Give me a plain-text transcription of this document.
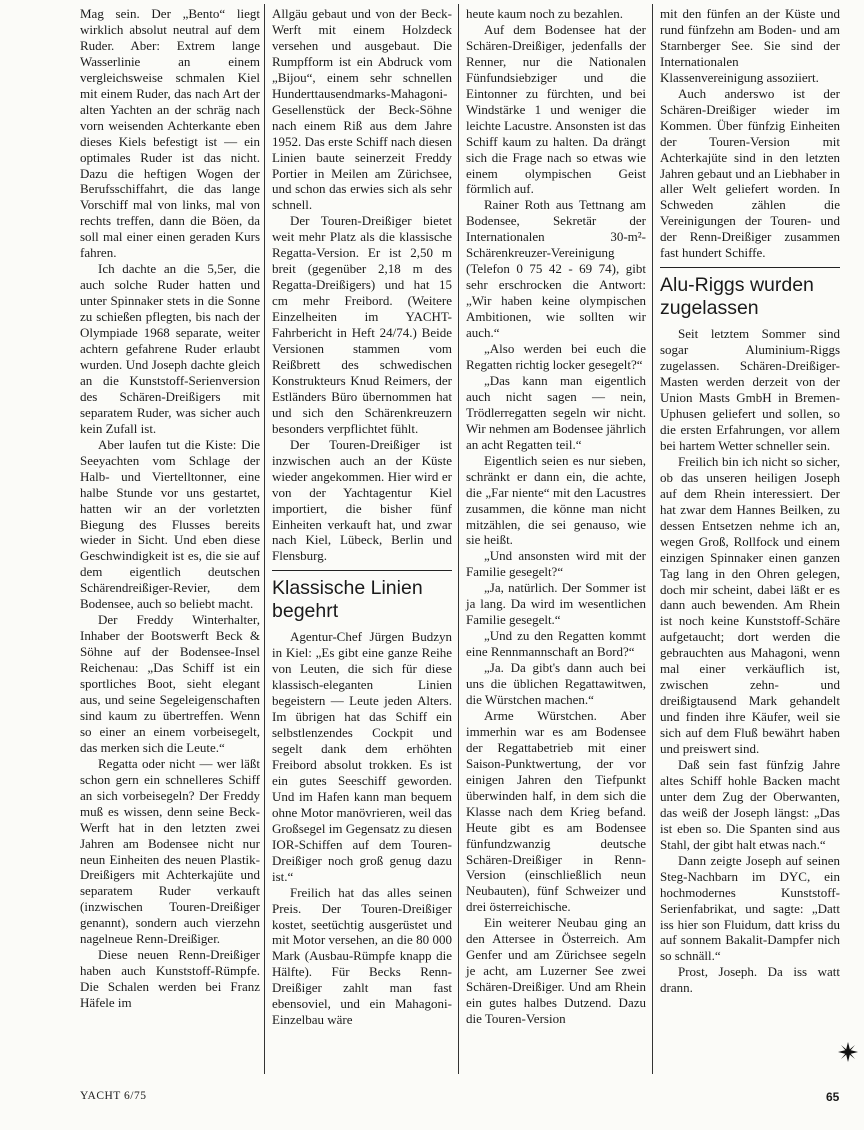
Mag sein. Der „Bento“ liegt wirklich absolut neutral auf dem Ruder. Aber: Extrem lange Wasserlinie an einem vergleichsweise schmalen Kiel mit einem Ruder, das nach Art der alten Yachten an der schräg nach vorn weisenden Achterkante eben dieses Kiels befestigt ist — ein optimales Ruder ist das nicht. Dazu die heftigen Wogen der Berufsschiffahrt, die das lange Vorschiff mal von links, mal von rechts treffen, dann die Böen, da soll mal einer einen geraden Kurs fahren.

Ich dachte an die 5,5er, die auch solche Ruder hatten und unter Spinnaker stets in die Sonne zu schießen pflegten, bis nach der Olympiade 1968 separate, weiter achtern gefahrene Ruder erlaubt wurden. Und Joseph dachte gleich an die Kunststoff-Serienversion des Schären-Dreißigers mit separatem Ruder, was sicher auch kein Zufall ist.

Aber laufen tut die Kiste: Die Seeyachten vom Schlage der Halb- und Viertelltonner, eine halbe Stunde vor uns gestartet, hatten wir an der vorletzten Biegung des Flusses bereits wieder in Sicht. Und eben diese Geschwindigkeit ist es, die sie auf dem eigentlich deutschen Schärendreißiger-Revier, dem Bodensee, auch so beliebt macht.

Der Freddy Winterhalter, Inhaber der Bootswerft Beck & Söhne auf der Bodensee-Insel Reichenau: „Das Schiff ist ein sportliches Boot, sieht elegant aus, und seine Segeleigenschaften sind kaum zu übertreffen. Wenn so einer an einem vorbeisegelt, das merken sich die Leute.“

Regatta oder nicht — wer läßt schon gern ein schnelleres Schiff an sich vorbeisegeln? Der Freddy muß es wissen, denn seine Beck-Werft hat in den letzten zwei Jahren am Bodensee nicht nur neun Einheiten des neuen Plastik-Dreißigers mit Achterkajüte und separatem Ruder verkauft (inzwischen Touren-Dreißiger genannt), sondern auch vierzehn nagelneue Renn-Dreißiger.

Diese neuen Renn-Dreißiger haben auch Kunststoff-Rümpfe. Die Schalen werden bei Franz Häfele im

Allgäu gebaut und von der Beck-Werft mit einem Holzdeck versehen und ausgebaut. Die Rumpfform ist ein Abdruck vom „Bijou“, einem sehr schnellen Hunderttausendmarks-Mahagoni-Gesellenstück der Beck-Söhne nach einem Riß aus dem Jahre 1952. Das erste Schiff nach diesen Linien baute seinerzeit Freddy Portier in Meilen am Zürichsee, und schon das erwies sich als sehr schnell.

Der Touren-Dreißiger bietet weit mehr Platz als die klassische Regatta-Version. Er ist 2,50 m breit (gegenüber 2,18 m des Regatta-Dreißigers) und hat 15 cm mehr Freibord. (Weitere Einzelheiten im YACHT-Fahrbericht in Heft 24/74.) Beide Versionen stammen vom Reißbrett des schwedischen Konstrukteurs Knud Reimers, der Estländers Büro übernommen hat und sich den Schärenkreuzern besonders verpflichtet fühlt.

Der Touren-Dreißiger ist inzwischen auch an der Küste wieder angekommen. Hier wird er von der Yachtagentur Kiel importiert, die bisher fünf Einheiten verkauft hat, und zwar nach Kiel, Lübeck, Berlin und Flensburg.

Klassische Linien begehrt

Agentur-Chef Jürgen Budzyn in Kiel: „Es gibt eine ganze Reihe von Leuten, die sich für diese klassisch-eleganten Linien begeistern — Leute jeden Alters. Im übrigen hat das Schiff ein selbstlenzendes Cockpit und segelt dank dem erhöhten Freibord absolut trokken. Es ist ein gutes Seeschiff geworden. Und im Hafen kann man bequem ohne Motor manövrieren, weil das Großsegel im Gegensatz zu diesen IOR-Schiffen auf dem Touren-Dreißiger noch groß genug dazu ist.“

Freilich hat das alles seinen Preis. Der Touren-Dreißiger kostet, seetüchtig ausgerüstet und mit Motor versehen, an die 80 000 Mark (Ausbau-Rümpfe knapp die Hälfte). Für Becks Renn-Dreißiger zahlt man fast ebensoviel, und ein Mahagoni-Einzelbau wäre

heute kaum noch zu bezahlen.

Auf dem Bodensee hat der Schären-Dreißiger, jedenfalls der Renner, nur die Nationalen Fünfundsiebziger und die Eintonner zu fürchten, und bei Windstärke 1 und weniger die leichte Lacustre. Ansonsten ist das Schiff kaum zu halten. Da drängt sich die Frage nach so etwas wie einem olympischen Geist förmlich auf.

Rainer Roth aus Tettnang am Bodensee, Sekretär der Internationalen 30-m²-Schärenkreuzer-Vereinigung (Telefon 0 75 42 - 69 74), gibt sehr erschrocken die Antwort: „Wir haben keine olympischen Ambitionen, wie sollten wir auch.“

„Also werden bei euch die Regatten richtig locker gesegelt?“

„Das kann man eigentlich auch nicht sagen — nein, Trödlerregatten segeln wir nicht. Wir nehmen am Bodensee jährlich an acht Regatten teil.“

Eigentlich seien es nur sieben, schränkt er dann ein, die achte, die „Far niente“ mit den Lacustres zusammen, die könne man nicht mitzählen, die sei genauso, wie sie heißt.

„Und ansonsten wird mit der Familie gesegelt?“

„Ja, natürlich. Der Sommer ist ja lang. Da wird im wesentlichen Familie gesegelt.“

„Und zu den Regatten kommt eine Rennmannschaft an Bord?“

„Ja. Da gibt's dann auch bei uns die üblichen Regattawitwen, die Würstchen machen.“

Arme Würstchen. Aber immerhin war es am Bodensee der Regattabetrieb mit einer Saison-Punktwertung, der vor einigen Jahren den Tiefpunkt überwinden half, in dem sich die Klasse nach dem Krieg befand. Heute gibt es am Bodensee fünfundzwanzig deutsche Schären-Dreißiger in Renn-Version (einschließlich neun Neubauten), fünf Schweizer und drei österreichische.

Ein weiterer Neubau ging an den Attersee in Österreich. Am Genfer und am Zürichsee segeln je acht, am Luzerner See zwei Schären-Dreißiger. Und am Rhein ein gutes halbes Dutzend. Dazu die Touren-Version

mit den fünfen an der Küste und rund fünfzehn am Boden- und am Starnberger See. Sie sind der Internationalen Klassenvereinigung assoziiert.

Auch anderswo ist der Schären-Dreißiger wieder im Kommen. Über fünfzig Einheiten der Touren-Version mit Achterkajüte sind in den letzten Jahren gebaut und an Liebhaber in aller Welt geliefert worden. In Schweden zählen die Vereinigungen der Touren- und der Renn-Dreißiger zusammen fast hundert Schiffe.

Alu-Riggs wurden zugelassen

Seit letztem Sommer sind sogar Aluminium-Riggs zugelassen. Schären-Dreißiger-Masten werden derzeit von der Union Masts GmbH in Bremen-Uphusen geliefert und sollen, so die ersten Erfahrungen, vor allem bei hartem Wetter schneller sein.

Freilich bin ich nicht so sicher, ob das unseren heiligen Joseph auf dem Rhein interessiert. Der hat zwar dem Hannes Beilken, zu dessen Entsetzen nehme ich an, wegen Groß, Rollfock und einem einzigen Spinnaker einen ganzen Tag lang in den Ohren gelegen, doch mir scheint, dabei läßt er es dann auch bewenden. Am Rhein ist noch keine Kunststoff-Schäre aufgetaucht; dort werden die gebrauchten aus Mahagoni, wenn mal einer verkäuflich ist, zwischen zehn- und dreißigtausend Mark gehandelt und finden ihre Käufer, weil sie sich auf dem Fluß bewährt haben und preiswert sind.

Daß sein fast fünfzig Jahre altes Schiff hohle Backen macht unter dem Zug der Oberwanten, das weiß der Joseph längst: „Das ist eben so. Die Spanten sind aus Stahl, der gibt halt etwas nach.“

Dann zeigte Joseph auf seinen Steg-Nachbarn im DYC, ein hochmodernes Kunststoff-Serienfabrikat, und sagte: „Datt iss hier son Fluidum, datt kriss du auf sonnem Bakalit-Dampfer nich so schnäll.“

Prost, Joseph. Da iss watt drann.

YACHT 6/75	65
